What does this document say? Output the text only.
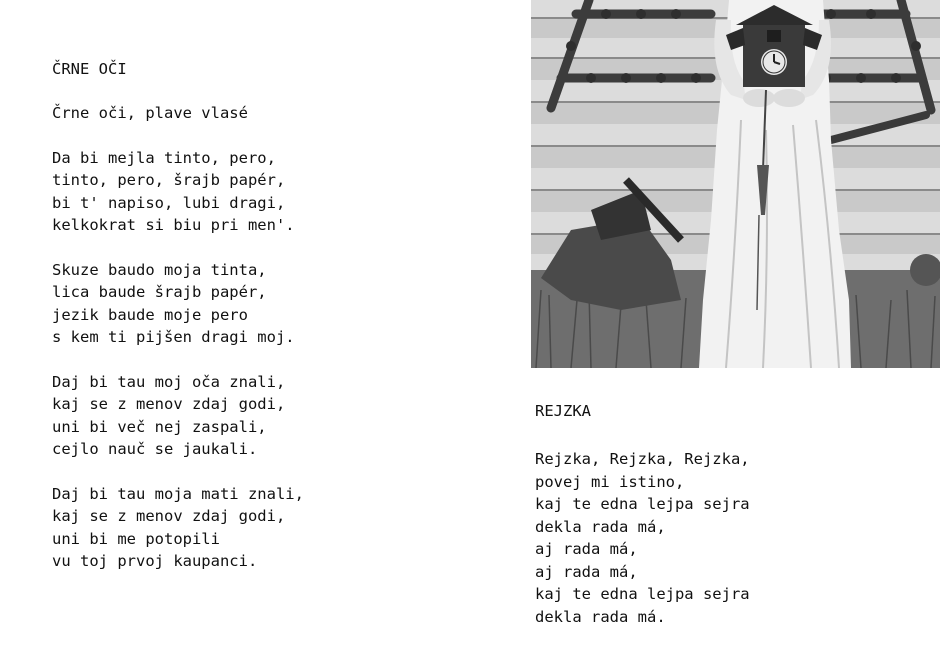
ČRNE OČI
Črne oči, plave vlasé
Da bi mejla tinto, pero,
tinto, pero, šrajb papér,
bi t' napiso, lubi dragi,
kelkokrat si biu pri men'.
Skuze baudo moja tinta,
lica baude šrajb papér,
jezik baude moje pero
s kem ti pijšen dragi moj.
Daj bi tau moj oča znali,
kaj se z menov zdaj godi,
uni bi več nej zaspali,
cejlo nauč se jaukali.
Daj bi tau moja mati znali,
kaj se z menov zdaj godi,
uni bi me potopili
vu toj prvoj kaupanci.
REJZKA
Rejzka, Rejzka, Rejzka,
povej mi istino,
kaj te edna lejpa sejra
dekla rada má,
aj rada má,
aj rada má,
kaj te edna lejpa sejra
dekla rada má.
